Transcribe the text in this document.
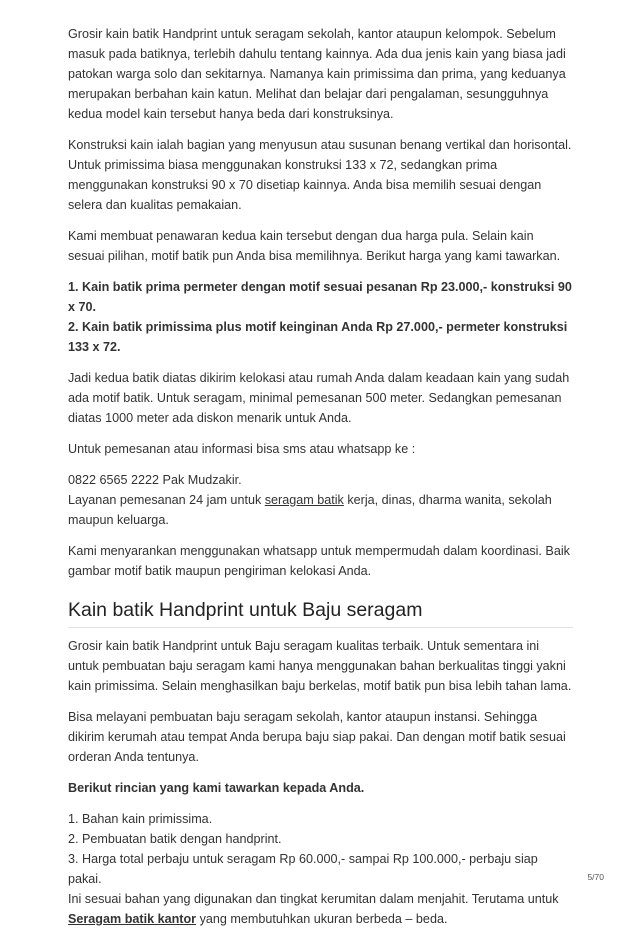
Grosir kain batik Handprint untuk seragam sekolah, kantor ataupun kelompok. Sebelum masuk pada batiknya, terlebih dahulu tentang kainnya. Ada dua jenis kain yang biasa jadi patokan warga solo dan sekitarnya. Namanya kain primissima dan prima, yang keduanya merupakan berbahan kain katun. Melihat dan belajar dari pengalaman, sesungguhnya kedua model kain tersebut hanya beda dari konstruksinya.

Konstruksi kain ialah bagian yang menyusun atau susunan benang vertikal dan horisontal. Untuk primissima biasa menggunakan konstruksi 133 x 72, sedangkan prima menggunakan konstruksi 90 x 70 disetiap kainnya. Anda bisa memilih sesuai dengan selera dan kualitas pemakaian.

Kami membuat penawaran kedua kain tersebut dengan dua harga pula. Selain kain sesuai pilihan, motif batik pun Anda bisa memilihnya. Berikut harga yang kami tawarkan.

1. Kain batik prima permeter dengan motif sesuai pesanan Rp 23.000,- konstruksi 90 x 70.
2. Kain batik primissima plus motif keinginan Anda Rp 27.000,- permeter konstruksi 133 x 72.

Jadi kedua batik diatas dikirim kelokasi atau rumah Anda dalam keadaan kain yang sudah ada motif batik. Untuk seragam, minimal pemesanan 500 meter. Sedangkan pemesanan diatas 1000 meter ada diskon menarik untuk Anda.

Untuk pemesanan atau informasi bisa sms atau whatsapp ke :

0822 6565 2222 Pak Mudzakir.
Layanan pemesanan 24 jam untuk seragam batik kerja, dinas, dharma wanita, sekolah maupun keluarga.

Kami menyarankan menggunakan whatsapp untuk mempermudah dalam koordinasi. Baik gambar motif batik maupun pengiriman kelokasi Anda.

Kain batik Handprint untuk Baju seragam

Grosir kain batik Handprint untuk Baju seragam kualitas terbaik. Untuk sementara ini untuk pembuatan baju seragam kami hanya menggunakan bahan berkualitas tinggi yakni kain primissima. Selain menghasilkan baju berkelas, motif batik pun bisa lebih tahan lama.

Bisa melayani pembuatan baju seragam sekolah, kantor ataupun instansi. Sehingga dikirim kerumah atau tempat Anda berupa baju siap pakai. Dan dengan motif batik sesuai orderan Anda tentunya.

Berikut rincian yang kami tawarkan kepada Anda.

1. Bahan kain primissima.
2. Pembuatan batik dengan handprint.
3. Harga total perbaju untuk seragam Rp 60.000,- sampai Rp 100.000,- perbaju siap pakai.
Ini sesuai bahan yang digunakan dan tingkat kerumitan dalam menjahit. Terutama untuk Seragam batik kantor yang membutuhkan ukuran berbeda – beda.

5/70
